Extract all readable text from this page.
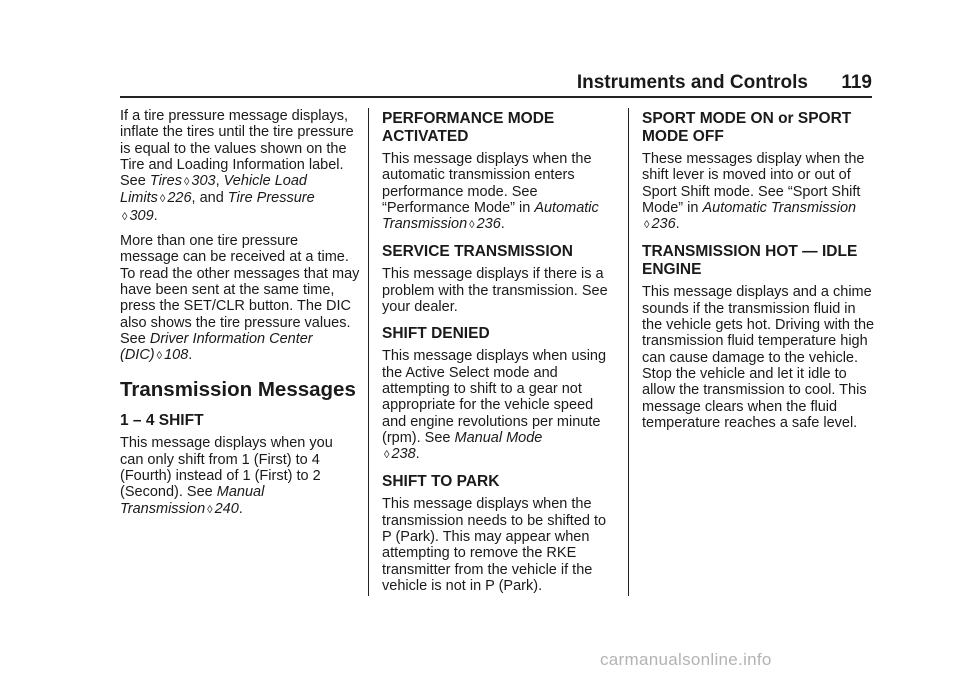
Instruments and Controls 119

If a tire pressure message displays, inflate the tires until the tire pressure is equal to the values shown on the Tire and Loading Information label. See Tires ◊ 303, Vehicle Load Limits ◊ 226, and Tire Pressure
◊ 309.

More than one tire pressure message can be received at a time. To read the other messages that may have been sent at the same time, press the SET/CLR button. The DIC also shows the tire pressure values. See Driver Information Center (DIC) ◊ 108.

Transmission Messages
1 – 4 SHIFT

This message displays when you can only shift from 1 (First) to 4 (Fourth) instead of 1 (First) to 2 (Second). See Manual Transmission ◊ 240.

PERFORMANCE MODE ACTIVATED

This message displays when the automatic transmission enters performance mode. See “Performance Mode” in Automatic Transmission ◊ 236.

SERVICE TRANSMISSION

This message displays if there is a problem with the transmission. See your dealer.

SHIFT DENIED

This message displays when using the Active Select mode and attempting to shift to a gear not appropriate for the vehicle speed and engine revolutions per minute (rpm). See Manual Mode
◊ 238.

SHIFT TO PARK

This message displays when the transmission needs to be shifted to P (Park). This may appear when attempting to remove the RKE transmitter from the vehicle if the vehicle is not in P (Park).

SPORT MODE ON or SPORT MODE OFF

These messages display when the shift lever is moved into or out of Sport Shift mode. See “Sport Shift Mode” in Automatic Transmission
◊ 236.

TRANSMISSION HOT — IDLE ENGINE

This message displays and a chime sounds if the transmission fluid in the vehicle gets hot. Driving with the transmission fluid temperature high can cause damage to the vehicle. Stop the vehicle and let it idle to allow the transmission to cool. This message clears when the fluid temperature reaches a safe level.

carmanualsonline.info
